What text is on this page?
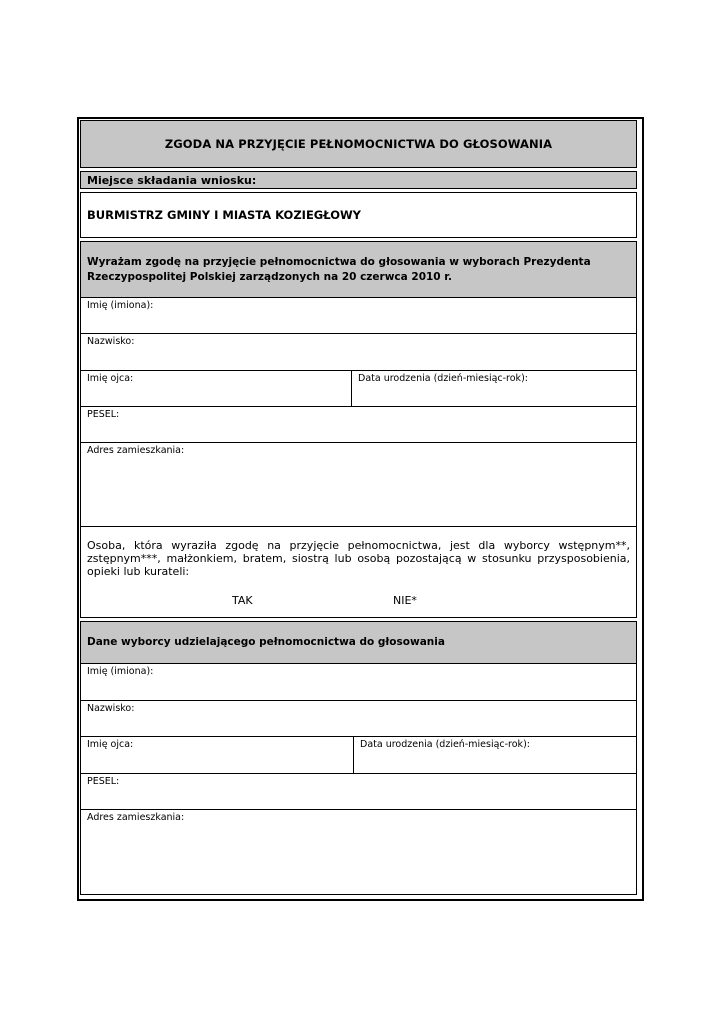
ZGODA NA PRZYJĘCIE PEŁNOMOCNICTWA DO GŁOSOWANIA
Miejsce składania wniosku:
BURMISTRZ GMINY I MIASTA KOZIEGŁOWY
Wyrażam zgodę na przyjęcie pełnomocnictwa do głosowania w wyborach Prezydenta Rzeczypospolitej Polskiej zarządzonych na 20 czerwca 2010 r.
Imię (imiona):
Nazwisko:
Imię ojca:	Data urodzenia (dzień-miesiąc-rok):
PESEL:
Adres zamieszkania:
Osoba, która wyraziła zgodę na przyjęcie pełnomocnictwa, jest dla wyborcy wstępnym**, zstępnym***, małżonkiem, bratem, siostrą lub osobą pozostającą w stosunku przysposobienia, opieki lub kurateli:
TAK	NIE*
Dane wyborcy udzielającego pełnomocnictwa do głosowania
Imię (imiona):
Nazwisko:
Imię ojca:	Data urodzenia (dzień-miesiąc-rok):
PESEL:
Adres zamieszkania:
